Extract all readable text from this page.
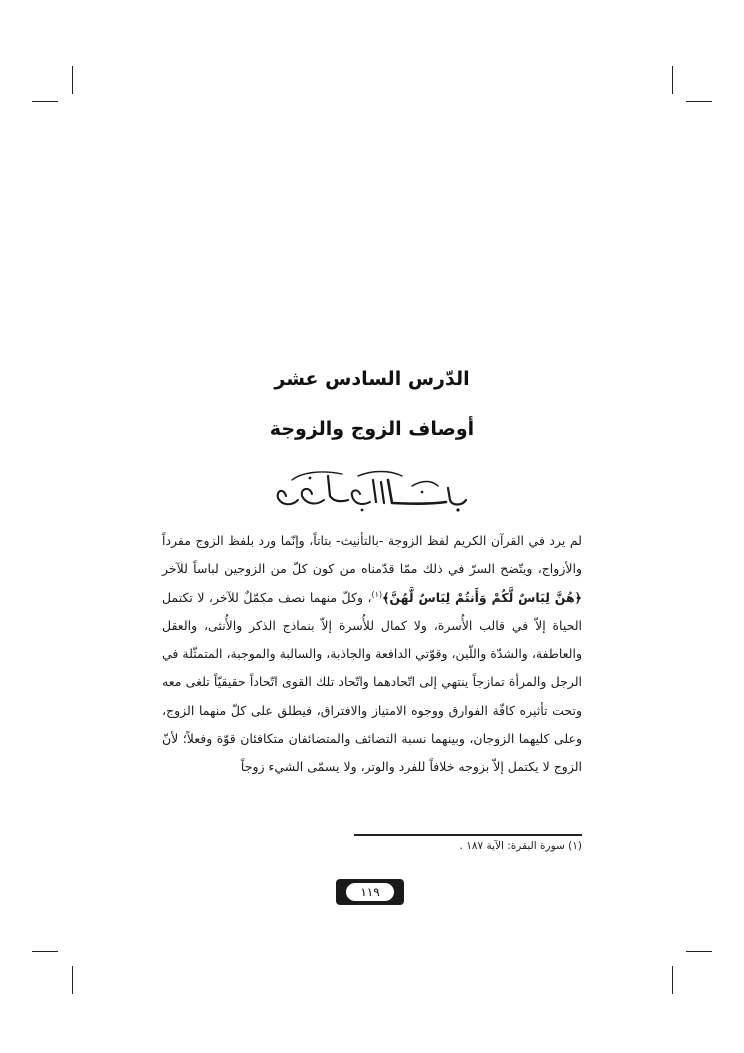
الدّرس السادس عشر
أوصاف الزوج والزوجة

لم يرد في القرآن الكريم لفظ الزوجة -بالتأنيث- بتاتاً، وإنّما ورد بلفظ الزوج مفرداً والأزواج، ويتّضح السرّ في ذلك ممّا قدّمناه من كون كلّ من الزوجين لباساً للآخر ﴿هُنَّ لِبَاسٌ لَّكُمْ وَأَنتُمْ لِبَاسٌ لَّهُنَّ﴾$^{(١)}$، وكلّ منهما نصف مكمّلٌ للآخر، لا تكتمل الحياة إلاّ في قالب الأُسرة، ولا كمال للأُسرة إلاّ بنماذج الذكر والأُنثى، والعقل والعاطفة، والشدّة واللّين، وقوّتي الدافعة والجاذبة، والسالبة والموجبة، المتمثّلة في الرجل والمرأة تمازجاً ينتهي إلى اتّحادهما واتّحاد تلك القوى اتّحاداً حقيقيّاً تلغى معه وتحت تأثيره كافّة الفوارق ووجوه الامتياز والافتراق، فيطلق على كلّ منهما الزوج، وعلى كليهما الزوجان، وبينهما نسبة التضائف والمتضائفان متكافئان قوّة وفعلاً؛ لأنّ الزوج لا يكتمل إلاّ بزوجه خلافاً للفرد والوتر، ولا يسمّى الشيء زوجاً

(١) سورة البقرة: الآية ١٨٧ .

١١٩
